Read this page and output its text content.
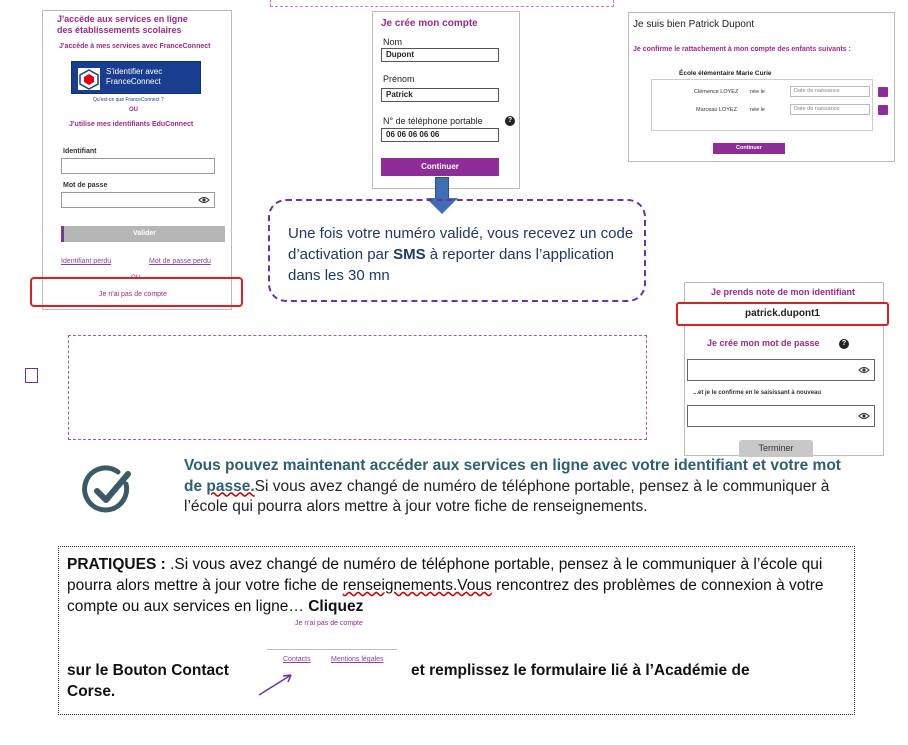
J'accède aux services en ligne
des établissements scolaires
J'accède à mes services avec FranceConnect
S'identifier avec
FranceConnect
Qu'est-ce que FranceConnect ?
OU
J'utilise mes identifiants EduConnect
Identifiant
Mot de passe
Valider
Identifiant perdu	Mot de passe perdu
OU
Je n'ai pas de compte
Je crée mon compte
Nom
Dupont
Prénom
Patrick
N° de téléphone portable	?
06 06 06 06 06
Continuer
Une fois votre numéro validé, vous recevez un code d’activation par SMS à reporter dans l’application dans les 30 mn
Je suis bien Patrick Dupont
Je confirme le rattachement à mon compte des enfants suivants :
École élémentaire Marie Curie
Clémence LOYEZ née le	Date de naissance
Marceau LOYEZ née le	Date de naissance
Continuer
Je prends note de mon identifiant
Je crée mon mot de passe	?
...et je le confirme en le saisissant à nouveau
Terminer
patrick.dupont1
Vous pouvez maintenant accéder aux services en ligne avec votre identifiant et votre mot de passe.Si vous avez changé de numéro de téléphone portable, pensez à le communiquer à l’école qui pourra alors mettre à jour votre fiche de renseignements.
PRATIQUES : .Si vous avez changé de numéro de téléphone portable, pensez à le communiquer à l’école qui pourra alors mettre à jour votre fiche de renseignements.Vous rencontrez des problèmes de connexion à votre compte ou aux services en ligne… Cliquez
Je n'ai pas de compte
Contacts	Mentions légales
sur le Bouton Contact	et remplissez le formulaire lié à l’Académie de
Corse.
